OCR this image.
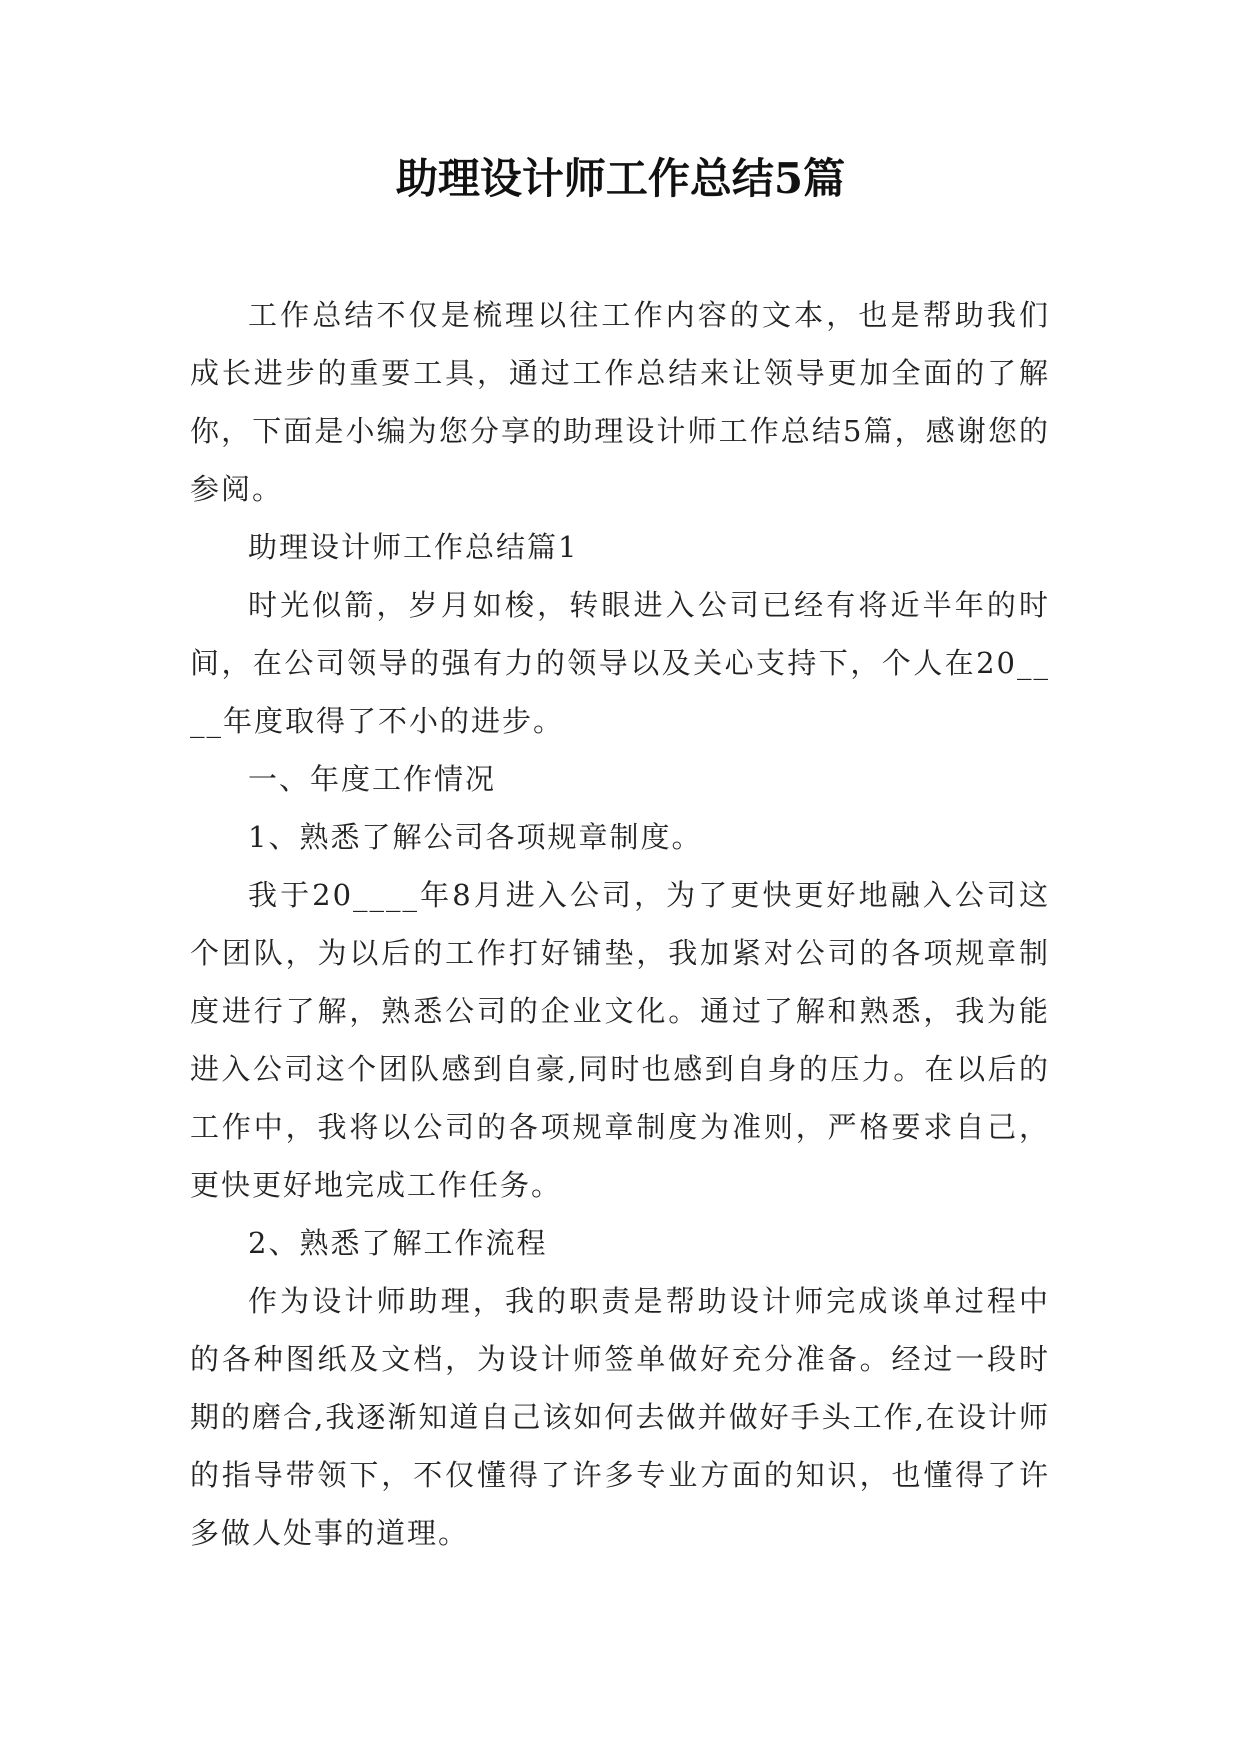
助理设计师工作总结5篇

工作总结不仅是梳理以往工作内容的文本，也是帮助我们成长进步的重要工具，通过工作总结来让领导更加全面的了解你，下面是小编为您分享的助理设计师工作总结5篇，感谢您的参阅。

助理设计师工作总结篇1

时光似箭，岁月如梭，转眼进入公司已经有将近半年的时间，在公司领导的强有力的领导以及关心支持下，个人在20____年度取得了不小的进步。

一、年度工作情况

1、熟悉了解公司各项规章制度。

我于20____年8月进入公司，为了更快更好地融入公司这个团队，为以后的工作打好铺垫，我加紧对公司的各项规章制度进行了解，熟悉公司的企业文化。通过了解和熟悉，我为能进入公司这个团队感到自豪,同时也感到自身的压力。在以后的工作中，我将以公司的各项规章制度为准则，严格要求自己，更快更好地完成工作任务。

2、熟悉了解工作流程

作为设计师助理，我的职责是帮助设计师完成谈单过程中的各种图纸及文档，为设计师签单做好充分准备。经过一段时期的磨合,我逐渐知道自己该如何去做并做好手头工作,在设计师的指导带领下，不仅懂得了许多专业方面的知识，也懂得了许多做人处事的道理。
